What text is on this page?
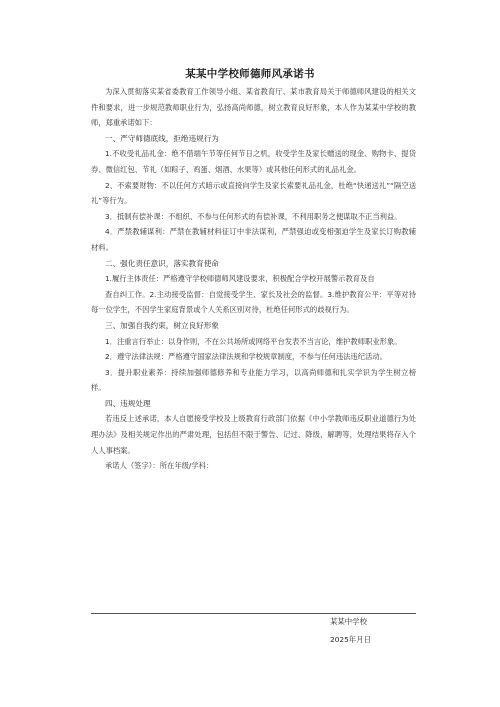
某某中学校师德师风承诺书

为深入贯彻落实某省委教育工作领导小组、某省教育厅、某市教育局关于师德师风建设的相关文件和要求，进一步规范教师职业行为，弘扬高尚师德，树立教育良好形象，本人作为某某中学校的教师，郑重承诺如下：

一、严守师德底线，拒绝违规行为

1.不收受礼品礼金：绝不借端午节等任何节日之机，收受学生及家长赠送的现金、购物卡、提货券、微信红包、节礼（如粽子、鸡蛋、烟酒、水果等）或其他任何形式的礼品礼金。

2、不索要财物：不以任何方式暗示或直接向学生及家长索要礼品礼金，杜绝“快递送礼”“隔空送礼”等行为。

3．抵制有偿补课：不组织、不参与任何形式的有偿补课，不利用职务之便谋取不正当利益。

4．严禁教辅谋利：严禁在教辅材料征订中非法谋利，严禁强迫或变相强迫学生及家长订购教辅材料。

二、强化责任意识，落实教育使命

1.履行主体责任：严格遵守学校师德师风建设要求，积极配合学校开展警示教育及自

查自纠工作。2.主动接受监督：自觉接受学生、家长及社会的监督。3.维护教育公平：平等对待每一位学生，不因学生家庭背景或个人关系区别对待，杜绝任何形式的歧视行为。

三、加强自我约束，树立良好形象

1．注重言行举止：以身作则，不在公共场所或网络平台发表不当言论，维护教师职业形象。

2．遵守法律法规：严格遵守国家法律法规和学校规章制度，不参与任何违法违纪活动。

3．提升职业素养：持续加强师德修养和专业能力学习，以高尚师德和扎实学识为学生树立榜样。

四、违规处理

若违反上述承诺，本人自愿接受学校及上级教育行政部门依据《中小学教师违反职业道德行为处理办法》及相关规定作出的严肃处理，包括但不限于警告、记过、降级、解聘等，处理结果将存入个人人事档案。

承诺人（签字）：所在年级/学科：

某某中学校
2025年月日
